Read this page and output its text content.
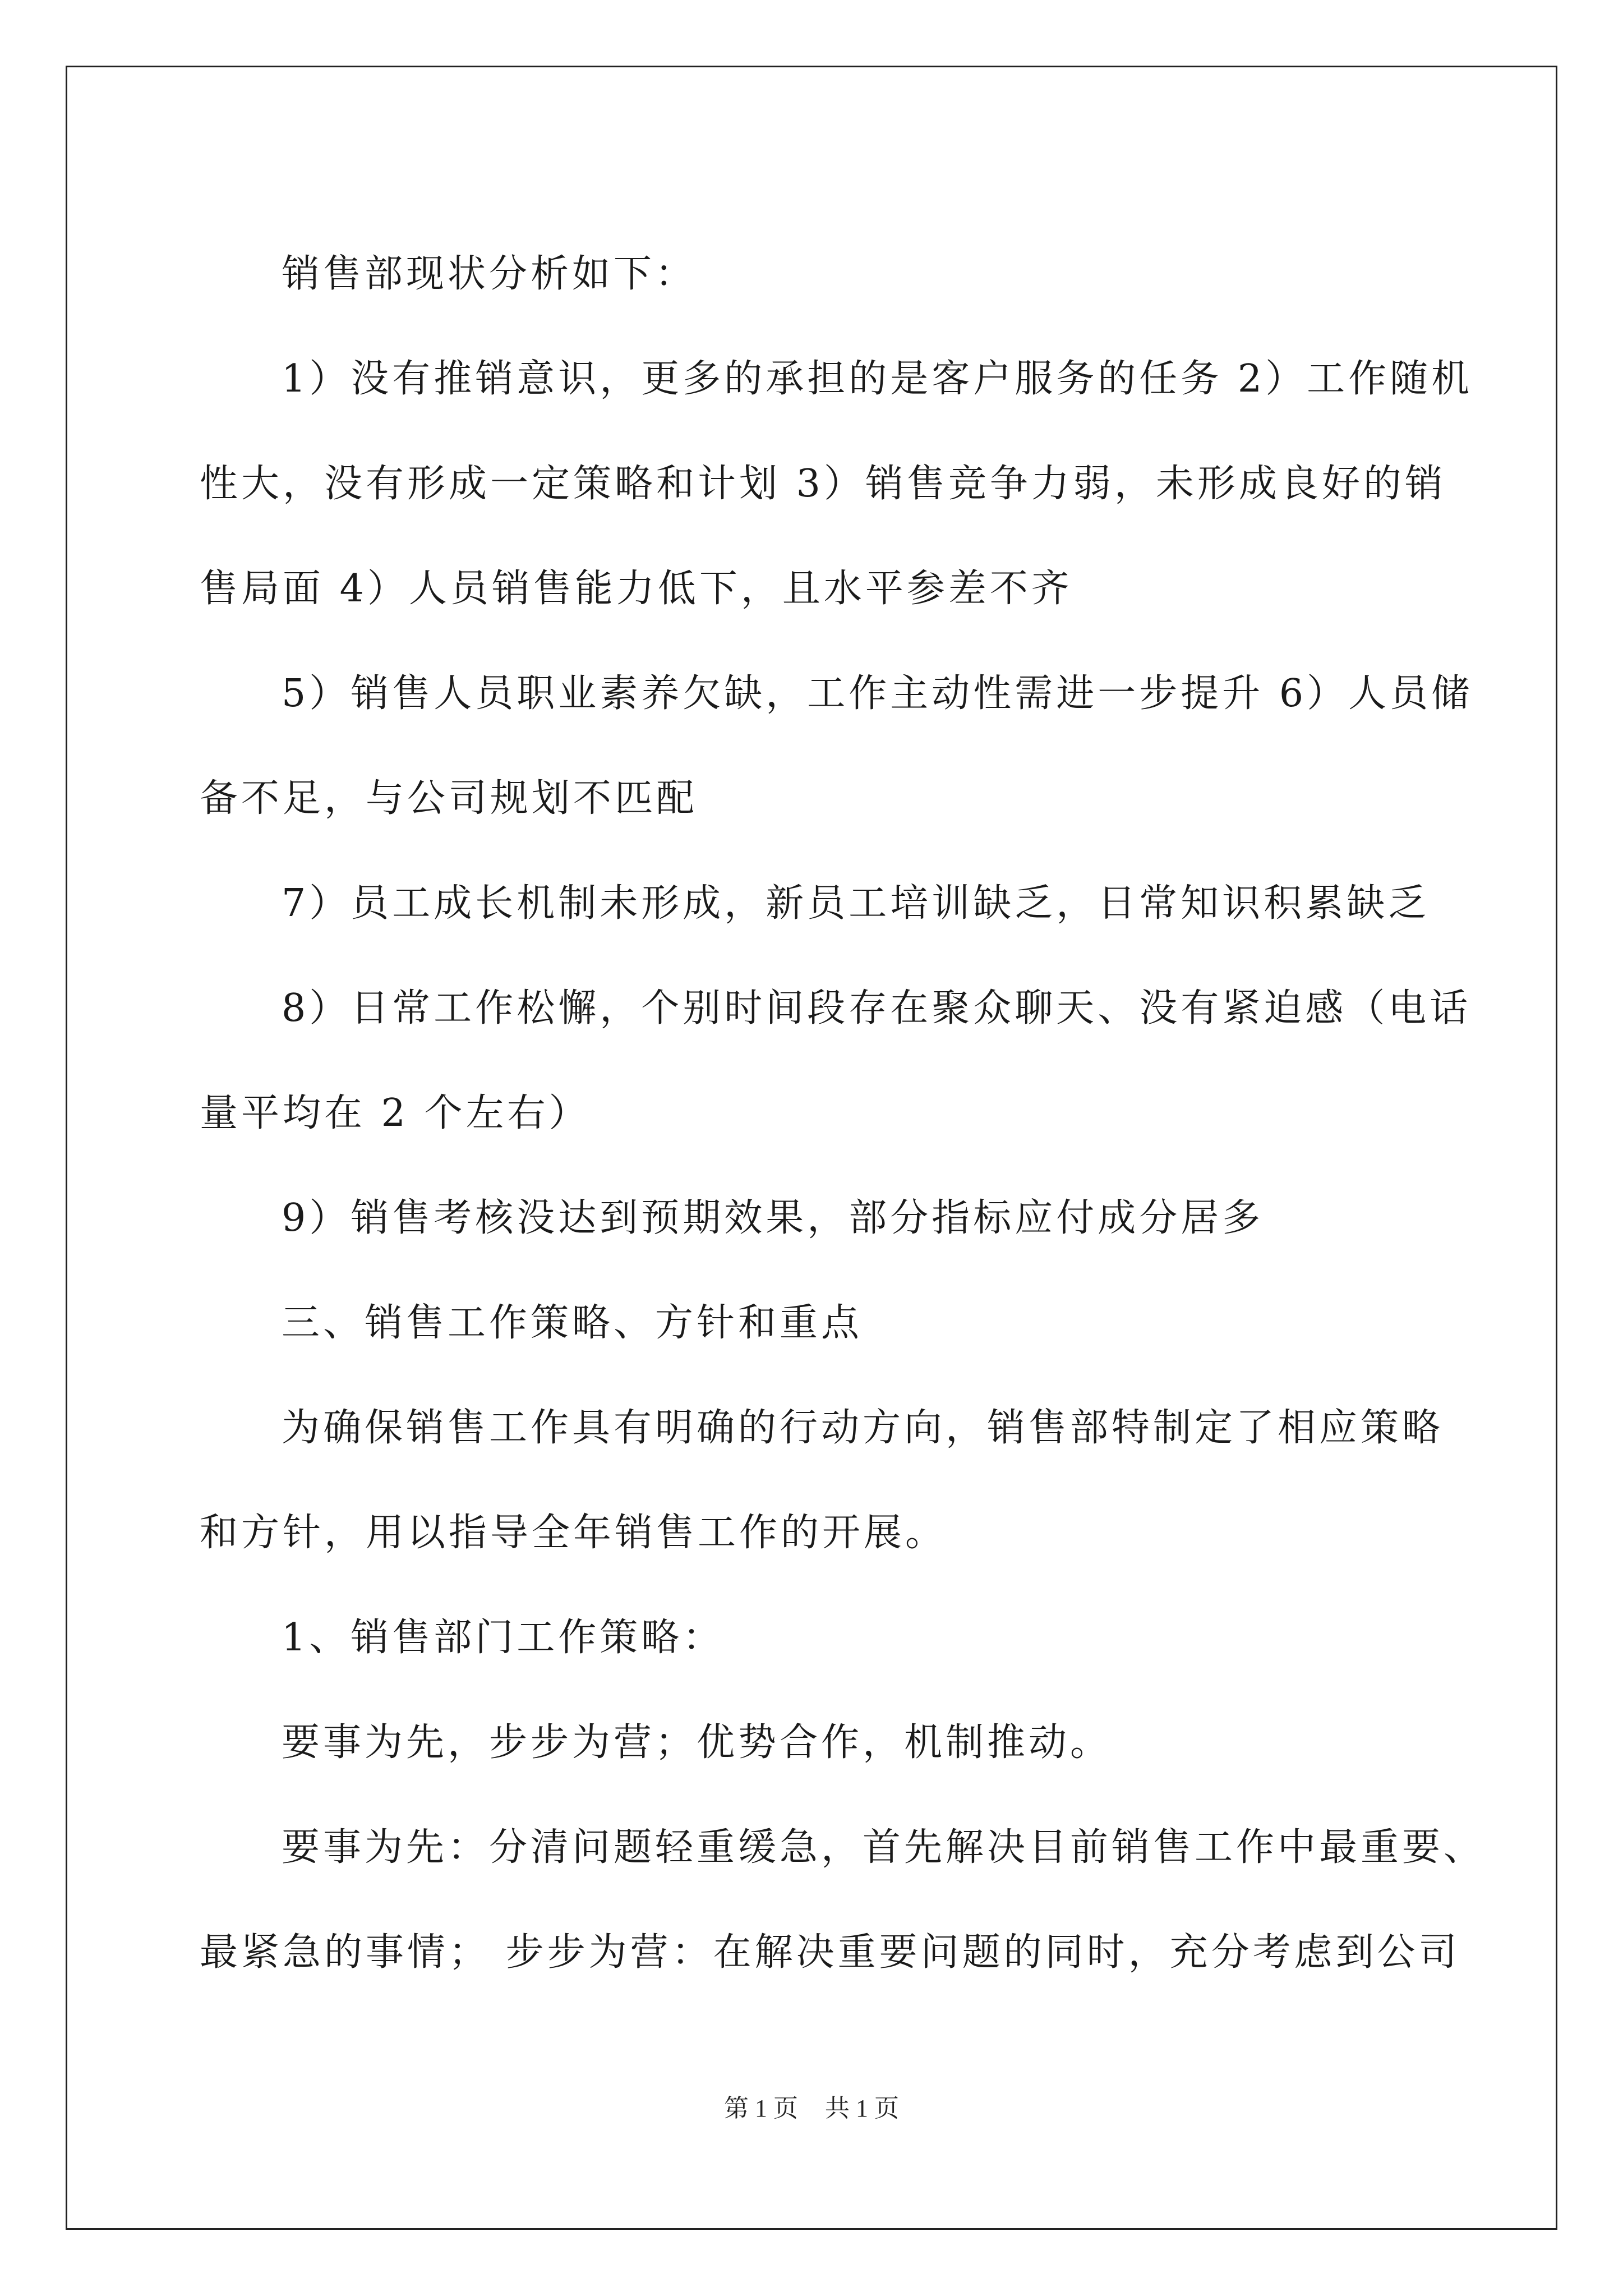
销售部现状分析如下：

1）没有推销意识，更多的承担的是客户服务的任务 2）工作随机

性大，没有形成一定策略和计划 3）销售竞争力弱，未形成良好的销

售局面 4）人员销售能力低下，且水平参差不齐

5）销售人员职业素养欠缺，工作主动性需进一步提升 6）人员储

备不足，与公司规划不匹配

7）员工成长机制未形成，新员工培训缺乏，日常知识积累缺乏

8）日常工作松懈，个别时间段存在聚众聊天、没有紧迫感（电话

量平均在 2 个左右）

9）销售考核没达到预期效果，部分指标应付成分居多

三、销售工作策略、方针和重点

为确保销售工作具有明确的行动方向，销售部特制定了相应策略

和方针，用以指导全年销售工作的开展。

1、销售部门工作策略：

要事为先，步步为营；优势合作，机制推动。

要事为先：分清问题轻重缓急，首先解决目前销售工作中最重要、

最紧急的事情； 步步为营：在解决重要问题的同时，充分考虑到公司

第 1 页 共 1 页
